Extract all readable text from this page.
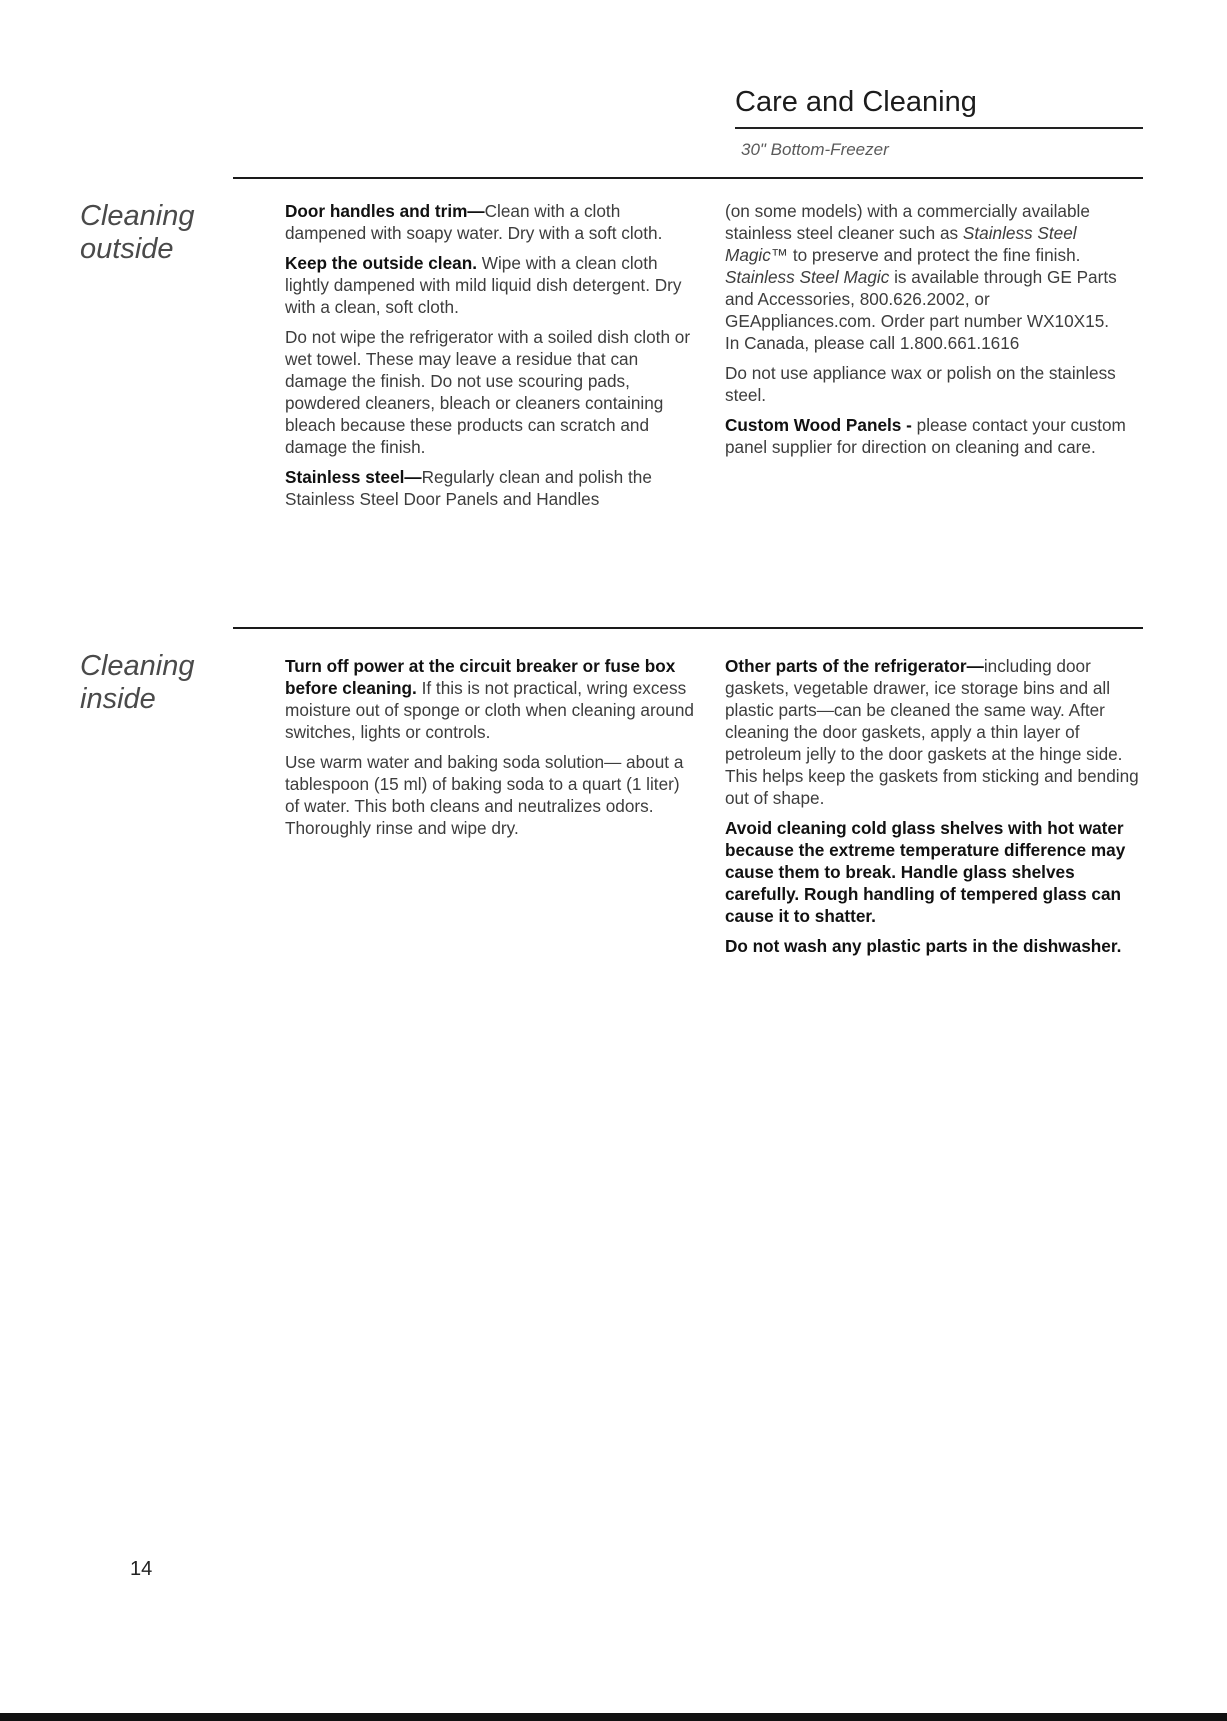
Care and Cleaning
30" Bottom-Freezer
Cleaning
outside

Door handles and trim—Clean with a cloth dampened with soapy water. Dry with a soft cloth.

Keep the outside clean. Wipe with a clean cloth lightly dampened with mild liquid dish detergent. Dry with a clean, soft cloth.

Do not wipe the refrigerator with a soiled dish cloth or wet towel. These may leave a residue that can damage the finish. Do not use scouring pads, powdered cleaners, bleach or cleaners containing bleach because these products can scratch and damage the finish.

Stainless steel—Regularly clean and polish the Stainless Steel Door Panels and Handles

(on some models) with a commercially available stainless steel cleaner such as Stainless Steel Magic™ to preserve and protect the fine finish. Stainless Steel Magic is available through GE Parts and Accessories, 800.626.2002, or GEAppliances.com. Order part number WX10X15.

In Canada, please call 1.800.661.1616

Do not use appliance wax or polish on the stainless steel.

Custom Wood Panels - please contact your custom panel supplier for direction on cleaning and care.

Cleaning
inside

Turn off power at the circuit breaker or fuse box before cleaning. If this is not practical, wring excess moisture out of sponge or cloth when cleaning around switches, lights or controls.

Use warm water and baking soda solution— about a tablespoon (15 ml) of baking soda to a quart (1 liter) of water. This both cleans and neutralizes odors. Thoroughly rinse and wipe dry.

Other parts of the refrigerator—including door gaskets, vegetable drawer, ice storage bins and all plastic parts—can be cleaned the same way. After cleaning the door gaskets, apply a thin layer of petroleum jelly to the door gaskets at the hinge side. This helps keep the gaskets from sticking and bending out of shape.

Avoid cleaning cold glass shelves with hot water because the extreme temperature difference may cause them to break. Handle glass shelves carefully. Rough handling of tempered glass can cause it to shatter.

Do not wash any plastic parts in the dishwasher.

14
